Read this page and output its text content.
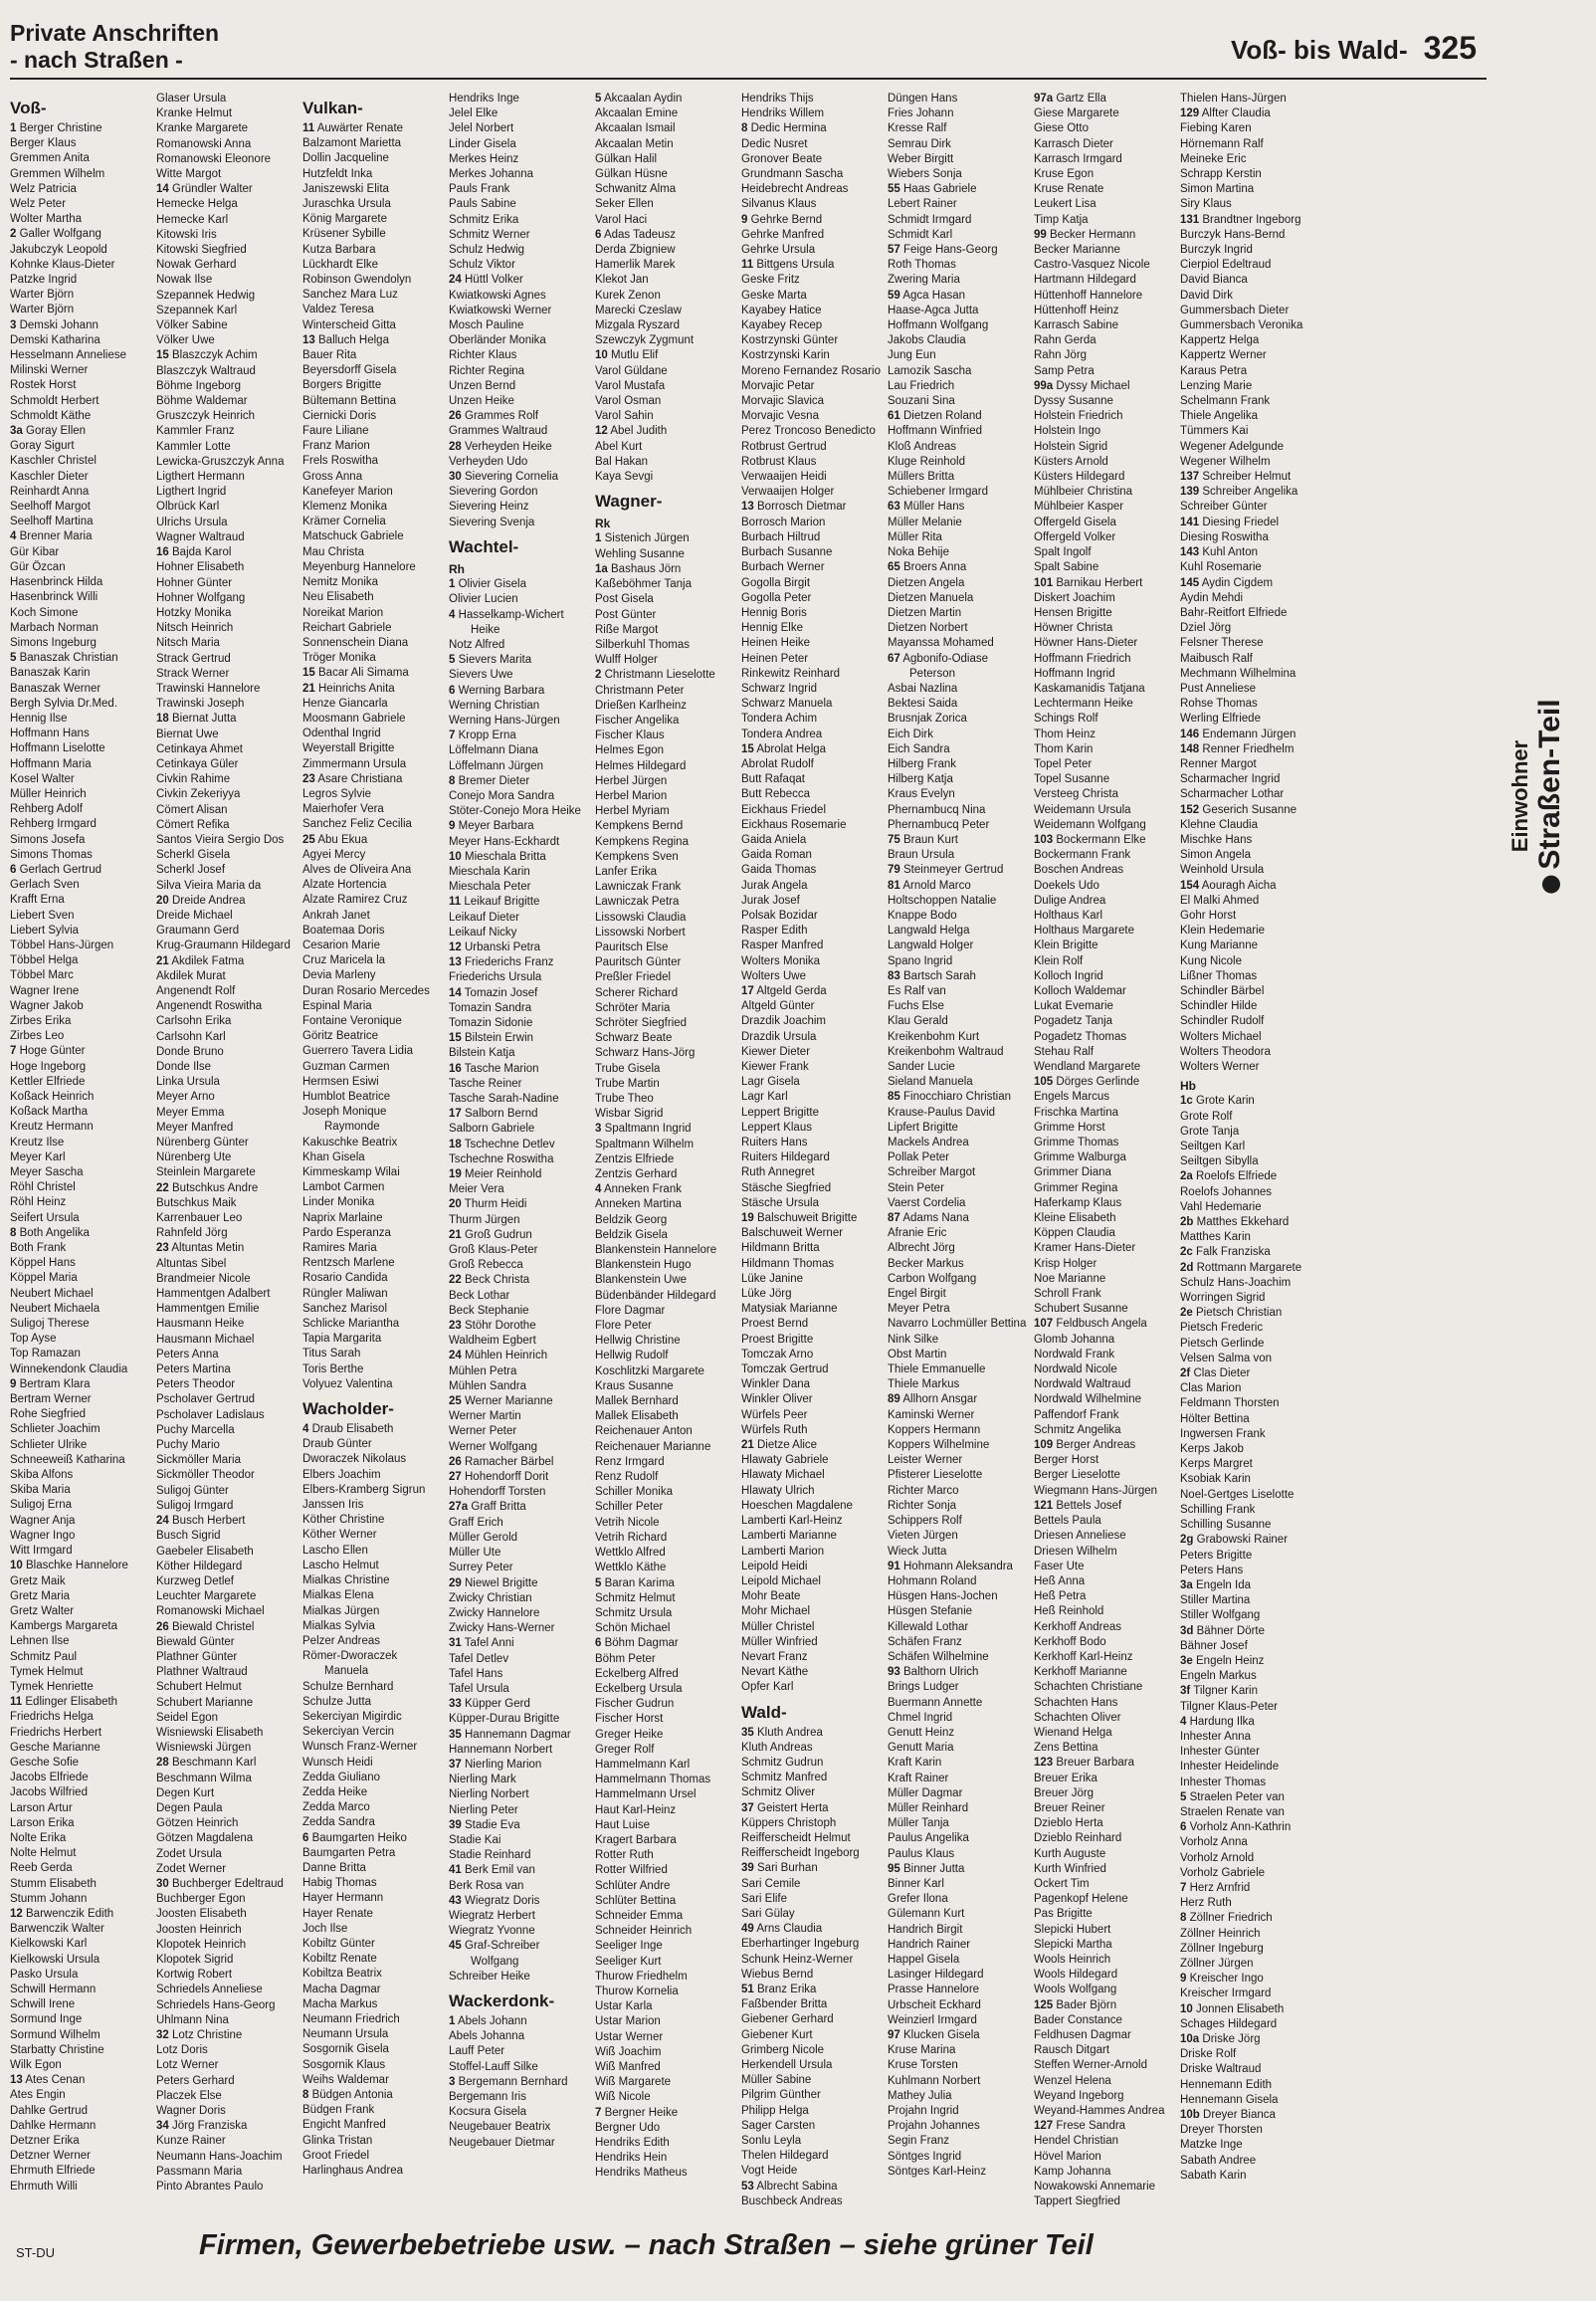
Private Anschriften
- nach Straßen -	Voß- bis Wald- 325
Voß-
1 Berger Christine
Berger Klaus
Gremmen Anita
Gremmen Wilhelm
Welz Patricia
Welz Peter
Wolter Martha
2 Galler Wolfgang
Jakubczyk Leopold
Kohnke Klaus-Dieter
Patzke Ingrid
Warter Björn
Warter Björn
3 Demski Johann
Demski Katharina
Hesselmann Anneliese
Milinski Werner
Rostek Horst
Schmoldt Herbert
Schmoldt Käthe
3a Goray Ellen
Goray Sigurt
Kaschler Christel
Kaschler Dieter
Reinhardt Anna
Seelhoff Margot
Seelhoff Martina
4 Brenner Maria
Gür Kibar
Gür Özcan
Hasenbrinck Hilda
Hasenbrinck Willi
Koch Simone
Marbach Norman
Simons Ingeburg
5 Banaszak Christian
Banaszak Karin
Banaszak Werner
Bergh Sylvia Dr.Med.
Hennig Ilse
Hoffmann Hans
Hoffmann Liselotte
Hoffmann Maria
Kosel Walter
Müller Heinrich
Rehberg Adolf
Rehberg Irmgard
Simons Josefa
Simons Thomas
6 Gerlach Gertrud
Gerlach Sven
Krafft Erna
Liebert Sven
Liebert Sylvia
Többel Hans-Jürgen
Többel Helga
Többel Marc
Wagner Irene
Wagner Jakob
Zirbes Erika
Zirbes Leo
7 Hoge Günter
Hoge Ingeborg
Kettler Elfriede
Koßack Heinrich
Koßack Martha
Kreutz Hermann
Kreutz Ilse
Meyer Karl
Meyer Sascha
Röhl Christel
Röhl Heinz
Seifert Ursula
8 Both Angelika
Both Frank
Köppel Hans
Köppel Maria
Neubert Michael
Neubert Michaela
Suligoj Therese
Top Ayse
Top Ramazan
Winnekendonk Claudia
9 Bertram Klara
Bertram Werner
Rohe Siegfried
Schlieter Joachim
Schlieter Ulrike
Schneeweiß Katharina
Skiba Alfons
Skiba Maria
Suligoj Erna
Wagner Anja
Wagner Ingo
Witt Irmgard
10 Blaschke Hannelore
Gretz Maik
Gretz Maria
Gretz Walter
Kambergs Margareta
Lehnen Ilse
Schmitz Paul
Tymek Helmut
Tymek Henriette
11 Edlinger Elisabeth
Friedrichs Helga
Friedrichs Herbert
Gesche Marianne
Gesche Sofie
Jacobs Elfriede
Jacobs Wilfried
Larson Artur
Larson Erika
Nolte Erika
Nolte Helmut
Reeb Gerda
Stumm Elisabeth
Stumm Johann
12 Barwenczik Edith
Barwenczik Walter
Kielkowski Karl
Kielkowski Ursula
Pasko Ursula
Schwill Hermann
Schwill Irene
Sormund Inge
Sormund Wilhelm
Starbatty Christine
Wilk Egon
13 Ates Cenan
Ates Engin
Dahlke Gertrud
Dahlke Hermann
Detzner Erika
Detzner Werner
Ehrmuth Elfriede
Ehrmuth Willi
Glaser Ursula
Kranke Helmut
Kranke Margarete
Romanowski Anna
Romanowski Eleonore
Witte Margot
14 Gründler Walter
Hemecke Helga
Hemecke Karl
Kitowski Iris
Kitowski Siegfried
Nowak Gerhard
Nowak Ilse
Szepannek Hedwig
Szepannek Karl
Völker Sabine
Völker Uwe
15 Blaszczyk Achim
Blaszczyk Waltraud
Böhme Ingeborg
Böhme Waldemar
Gruszczyk Heinrich
Kammler Franz
Kammler Lotte
Lewicka-Gruszczyk Anna
Ligthert Hermann
Ligthert Ingrid
Olbrück Karl
Ulrichs Ursula
Wagner Waltraud
16 Bajda Karol
Hohner Elisabeth
Hohner Günter
Hohner Wolfgang
Hotzky Monika
Nitsch Heinrich
Nitsch Maria
Strack Gertrud
Strack Werner
Trawinski Hannelore
Trawinski Joseph
18 Biernat Jutta
Biernat Uwe
Cetinkaya Ahmet
Cetinkaya Güler
Civkin Rahime
Civkin Zekeriyya
Cömert Alisan
Cömert Refika
Santos Vieira Sergio Dos
Scherkl Gisela
Scherkl Josef
Silva Vieira Maria da
20 Dreide Andrea
Dreide Michael
Graumann Gerd
Krug-Graumann Hildegard
21 Akdilek Fatma
Akdilek Murat
Angenendt Rolf
Angenendt Roswitha
Carlsohn Erika
Carlsohn Karl
Donde Bruno
Donde Ilse
Linka Ursula
Meyer Arno
Meyer Emma
Meyer Manfred
Nürenberg Günter
Nürenberg Ute
Steinlein Margarete
22 Butschkus Andre
Butschkus Maik
Karrenbauer Leo
Rahnfeld Jörg
23 Altuntas Metin
Altuntas Sibel
Brandmeier Nicole
Hammentgen Adalbert
Hammentgen Emilie
Hausmann Heike
Hausmann Michael
Peters Anna
Peters Martina
Peters Theodor
Pscholaver Gertrud
Pscholaver Ladislaus
Puchy Marcella
Puchy Mario
Sickmöller Maria
Sickmöller Theodor
Suligoj Günter
Suligoj Irmgard
24 Busch Herbert
Busch Sigrid
Gaebeler Elisabeth
Köther Hildegard
Kurzweg Detlef
Leuchter Margarete
Romanowski Michael
26 Biewald Christel
Biewald Günter
Plathner Günter
Plathner Waltraud
Schubert Helmut
Schubert Marianne
Seidel Egon
Wisniewski Elisabeth
Wisniewski Jürgen
28 Beschmann Karl
Beschmann Wilma
Degen Kurt
Degen Paula
Götzen Heinrich
Götzen Magdalena
Zodet Ursula
Zodet Werner
30 Buchberger Edeltraud
Buchberger Egon
Joosten Elisabeth
Joosten Heinrich
Klopotek Heinrich
Klopotek Sigrid
Kortwig Robert
Schriedels Anneliese
Schriedels Hans-Georg
Uhlmann Nina
32 Lotz Christine
Lotz Doris
Lotz Werner
Peters Gerhard
Placzek Else
Wagner Doris
34 Jörg Franziska
Kunze Rainer
Neumann Hans-Joachim
Passmann Maria
Pinto Abrantes Paulo
Vulkan-
11 Auwärter Renate
Balzamont Marietta
Dollin Jacqueline
Hutzfeldt Inka
Janiszewski Elita
Juraschka Ursula
König Margarete
Krüsener Sybille
Kutza Barbara
Lückhardt Elke
Robinson Gwendolyn
Sanchez Mara Luz
Valdez Teresa
Winterscheid Gitta
13 Balluch Helga
Bauer Rita
Beyersdorff Gisela
Borgers Brigitte
Bültemann Bettina
Ciernicki Doris
Faure Liliane
Franz Marion
Frels Roswitha
Gross Anna
Kanefeyer Marion
Klemenz Monika
Krämer Cornelia
Matschuck Gabriele
Mau Christa
Meyenburg Hannelore
Nemitz Monika
Neu Elisabeth
Noreikat Marion
Reichart Gabriele
Sonnenschein Diana
Tröger Monika
15 Bacar Ali Simama
21 Heinrichs Anita
Henze Giancarla
Moosmann Gabriele
Odenthal Ingrid
Weyerstall Brigitte
Zimmermann Ursula
23 Asare Christiana
Legros Sylvie
Maierhofer Vera
Sanchez Feliz Cecilia
25 Abu Ekua
Agyei Mercy
Alves de Oliveira Ana
Alzate Hortencia
Alzate Ramirez Cruz
Ankrah Janet
Boatemaa Doris
Cesarion Marie
Cruz Maricela la
Devia Marleny
Duran Rosario Mercedes
Espinal Maria
Fontaine Veronique
Göritz Beatrice
Guerrero Tavera Lidia
Guzman Carmen
Hermsen Esiwi
Humblot Beatrice
Joseph Monique
Raymonde
Kakuschke Beatrix
Khan Gisela
Kimmeskamp Wilai
Lambot Carmen
Linder Monika
Naprix Marlaine
Pardo Esperanza
Ramires Maria
Rentzsch Marlene
Rosario Candida
Rüngler Maliwan
Sanchez Marisol
Schlicke Mariantha
Tapia Margarita
Titus Sarah
Toris Berthe
Volyuez Valentina
Wacholder-
4 Draub Elisabeth
Draub Günter
Dworaczek Nikolaus
Elbers Joachim
Elbers-Kramberg Sigrun
Janssen Iris
Köther Christine
Köther Werner
Lascho Ellen
Lascho Helmut
Mialkas Christine
Mialkas Elena
Mialkas Jürgen
Mialkas Sylvia
Pelzer Andreas
Römer-Dworaczek
Manuela
Schulze Bernhard
Schulze Jutta
Sekerciyan Migirdic
Sekerciyan Vercin
Wunsch Franz-Werner
Wunsch Heidi
Zedda Giuliano
Zedda Heike
Zedda Marco
Zedda Sandra
6 Baumgarten Heiko
Baumgarten Petra
Danne Britta
Habig Thomas
Hayer Hermann
Hayer Renate
Joch Ilse
Kobiltz Günter
Kobiltz Renate
Kobiltza Beatrix
Macha Dagmar
Macha Markus
Neumann Friedrich
Neumann Ursula
Sosgornik Gisela
Sosgornik Klaus
Weihs Waldemar
8 Büdgen Antonia
Büdgen Frank
Engicht Manfred
Glinka Tristan
Groot Friedel
Harlinghaus Andrea
Hendriks Inge
Jelel Elke
Jelel Norbert
Linder Gisela
Merkes Heinz
Merkes Johanna
Pauls Frank
Pauls Sabine
Schmitz Erika
Schmitz Werner
Schulz Hedwig
Schulz Viktor
24 Hüttl Volker
Kwiatkowski Agnes
Kwiatkowski Werner
Mosch Pauline
Oberländer Monika
Richter Klaus
Richter Regina
Unzen Bernd
Unzen Heike
26 Grammes Rolf
Grammes Waltraud
28 Verheyden Heike
Verheyden Udo
30 Sievering Cornelia
Sievering Gordon
Sievering Heinz
Sievering Svenja
Wachtel-
Rh
1 Olivier Gisela
Olivier Lucien
4 Hasselkamp-Wichert
Heike
Notz Alfred
5 Sievers Marita
Sievers Uwe
6 Werning Barbara
Werning Christian
Werning Hans-Jürgen
7 Kropp Erna
Löffelmann Diana
Löffelmann Jürgen
8 Bremer Dieter
Conejo Mora Sandra
Stöter-Conejo Mora Heike
9 Meyer Barbara
Meyer Hans-Eckhardt
10 Mieschala Britta
Mieschala Karin
Mieschala Peter
11 Leikauf Brigitte
Leikauf Dieter
Leikauf Nicky
12 Urbanski Petra
13 Friederichs Franz
Friederichs Ursula
14 Tomazin Josef
Tomazin Sandra
Tomazin Sidonie
15 Bilstein Erwin
Bilstein Katja
16 Tasche Marion
Tasche Reiner
Tasche Sarah-Nadine
17 Salborn Bernd
Salborn Gabriele
18 Tschechne Detlev
Tschechne Roswitha
19 Meier Reinhold
Meier Vera
20 Thurm Heidi
Thurm Jürgen
21 Groß Gudrun
Groß Klaus-Peter
Groß Rebecca
22 Beck Christa
Beck Lothar
Beck Stephanie
23 Stöhr Dorothe
Waldheim Egbert
24 Mühlen Heinrich
Mühlen Petra
Mühlen Sandra
25 Werner Marianne
Werner Martin
Werner Peter
Werner Wolfgang
26 Ramacher Bärbel
27 Hohendorff Dorit
Hohendorff Torsten
27a Graff Britta
Graff Erich
Müller Gerold
Müller Ute
Surrey Peter
29 Niewel Brigitte
Zwicky Christian
Zwicky Hannelore
Zwicky Hans-Werner
31 Tafel Anni
Tafel Detlev
Tafel Hans
Tafel Ursula
33 Küpper Gerd
Küpper-Durau Brigitte
35 Hannemann Dagmar
Hannemann Norbert
37 Nierling Marion
Nierling Mark
Nierling Norbert
Nierling Peter
39 Stadie Eva
Stadie Kai
Stadie Reinhard
41 Berk Emil van
Berk Rosa van
43 Wiegratz Doris
Wiegratz Herbert
Wiegratz Yvonne
45 Graf-Schreiber
Wolfgang
Schreiber Heike
Wackerdonk-
1 Abels Johann
Abels Johanna
Lauff Peter
Stoffel-Lauff Silke
3 Bergemann Bernhard
Bergemann Iris
Kocsura Gisela
Neugebauer Beatrix
Neugebauer Dietmar
5 Akcaalan Aydin
Akcaalan Emine
Akcaalan Ismail
Akcaalan Metin
Gülkan Halil
Gülkan Hüsne
Schwanitz Alma
Seker Ellen
Varol Haci
6 Adas Tadeusz
Derda Zbigniew
Hamerlik Marek
Klekot Jan
Kurek Zenon
Marecki Czeslaw
Mizgala Ryszard
Szewczyk Zygmunt
10 Mutlu Elif
Varol Güldane
Varol Mustafa
Varol Osman
Varol Sahin
12 Abel Judith
Abel Kurt
Bal Hakan
Kaya Sevgi
Wagner-
Rk
1 Sistenich Jürgen
Wehling Susanne
1a Bashaus Jörn
Kaßeböhmer Tanja
Post Gisela
Post Günter
Riße Margot
Silberkuhl Thomas
Wulff Holger
2 Christmann Lieselotte
Christmann Peter
Drießen Karlheinz
Fischer Angelika
Fischer Klaus
Helmes Egon
Helmes Hildegard
Herbel Jürgen
Herbel Marion
Herbel Myriam
Kempkens Bernd
Kempkens Regina
Kempkens Sven
Lanfer Erika
Lawniczak Frank
Lawniczak Petra
Lissowski Claudia
Lissowski Norbert
Pauritsch Else
Pauritsch Günter
Preßler Friedel
Scherer Richard
Schröter Maria
Schröter Siegfried
Schwarz Beate
Schwarz Hans-Jörg
Trube Gisela
Trube Martin
Trube Theo
Wisbar Sigrid
3 Spaltmann Ingrid
Spaltmann Wilhelm
Zentzis Elfriede
Zentzis Gerhard
4 Anneken Frank
Anneken Martina
Beldzik Georg
Beldzik Gisela
Blankenstein Hannelore
Blankenstein Hugo
Blankenstein Uwe
Büdenbänder Hildegard
Flore Dagmar
Flore Peter
Hellwig Christine
Hellwig Rudolf
Koschlitzki Margarete
Kraus Susanne
Mallek Bernhard
Mallek Elisabeth
Reichenauer Anton
Reichenauer Marianne
Renz Irmgard
Renz Rudolf
Schiller Monika
Schiller Peter
Vetrih Nicole
Vetrih Richard
Wettklo Alfred
Wettklo Käthe
5 Baran Karima
Schmitz Helmut
Schmitz Ursula
Schön Michael
6 Böhm Dagmar
Böhm Peter
Eckelberg Alfred
Eckelberg Ursula
Fischer Gudrun
Fischer Horst
Greger Heike
Greger Rolf
Hammelmann Karl
Hammelmann Thomas
Hammelmann Ursel
Haut Karl-Heinz
Haut Luise
Kragert Barbara
Rotter Ruth
Rotter Wilfried
Schlüter Andre
Schlüter Bettina
Schneider Emma
Schneider Heinrich
Seeliger Inge
Seeliger Kurt
Thurow Friedhelm
Thurow Kornelia
Ustar Karla
Ustar Marion
Ustar Werner
Wiß Joachim
Wiß Manfred
Wiß Margarete
Wiß Nicole
7 Bergner Heike
Bergner Udo
Hendriks Edith
Hendriks Hein
Hendriks Matheus
Hendriks Thijs
Hendriks Willem
8 Dedic Hermina
Dedic Nusret
Gronover Beate
Grundmann Sascha
Heidebrecht Andreas
Silvanus Klaus
9 Gehrke Bernd
Gehrke Manfred
Gehrke Ursula
11 Bittgens Ursula
Geske Fritz
Geske Marta
Kayabey Hatice
Kayabey Recep
Kostrzynski Günter
Kostrzynski Karin
Moreno Fernandez Rosario
Morvajic Petar
Morvajic Slavica
Morvajic Vesna
Perez Troncoso Benedicto
Rotbrust Gertrud
Rotbrust Klaus
Verwaaijen Heidi
Verwaaijen Holger
13 Borrosch Dietmar
Borrosch Marion
Burbach Hiltrud
Burbach Susanne
Burbach Werner
Gogolla Birgit
Gogolla Peter
Hennig Boris
Hennig Elke
Heinen Heike
Heinen Peter
Rinkewitz Reinhard
Schwarz Ingrid
Schwarz Manuela
Tondera Achim
Tondera Andrea
15 Abrolat Helga
Abrolat Rudolf
Butt Rafaqat
Butt Rebecca
Eickhaus Friedel
Eickhaus Rosemarie
Gaida Aniela
Gaida Roman
Gaida Thomas
Jurak Angela
Jurak Josef
Polsak Bozidar
Rasper Edith
Rasper Manfred
Wolters Monika
Wolters Uwe
17 Altgeld Gerda
Altgeld Günter
Drazdik Joachim
Drazdik Ursula
Kiewer Dieter
Kiewer Frank
Lagr Gisela
Lagr Karl
Leppert Brigitte
Leppert Klaus
Ruiters Hans
Ruiters Hildegard
Ruth Annegret
Stäsche Siegfried
Stäsche Ursula
19 Balschuweit Brigitte
Balschuweit Werner
Hildmann Britta
Hildmann Thomas
Lüke Janine
Lüke Jörg
Matysiak Marianne
Proest Bernd
Proest Brigitte
Tomczak Arno
Tomczak Gertrud
Winkler Dana
Winkler Oliver
Würfels Peer
Würfels Ruth
21 Dietze Alice
Hlawaty Gabriele
Hlawaty Michael
Hlawaty Ulrich
Hoeschen Magdalene
Lamberti Karl-Heinz
Lamberti Marianne
Lamberti Marion
Leipold Heidi
Leipold Michael
Mohr Beate
Mohr Michael
Müller Christel
Müller Winfried
Nevart Franz
Nevart Käthe
Opfer Karl
Wald-
35 Kluth Andrea
Kluth Andreas
Schmitz Gudrun
Schmitz Manfred
Schmitz Oliver
37 Geistert Herta
Küppers Christoph
Reifferscheidt Helmut
Reifferscheidt Ingeborg
39 Sari Burhan
Sari Cemile
Sari Elife
Sari Gülay
49 Arns Claudia
Eberhartinger Ingeburg
Schunk Heinz-Werner
Wiebus Bernd
51 Branz Erika
Faßbender Britta
Giebener Gerhard
Giebener Kurt
Grimberg Nicole
Herkendell Ursula
Müller Sabine
Pilgrim Günther
Philipp Helga
Sager Carsten
Sonlu Leyla
Thelen Hildegard
Vogt Heide
53 Albrecht Sabina
Buschbeck Andreas
Düngen Hans
Fries Johann
Kresse Ralf
Semrau Dirk
Weber Birgitt
Wiebers Sonja
55 Haas Gabriele
Lebert Rainer
Schmidt Irmgard
Schmidt Karl
57 Feige Hans-Georg
Roth Thomas
Zwering Maria
59 Agca Hasan
Haase-Agca Jutta
Hoffmann Wolfgang
Jakobs Claudia
Jung Eun
Lamozik Sascha
Lau Friedrich
Souzani Sina
61 Dietzen Roland
Hoffmann Winfried
Kloß Andreas
Kluge Reinhold
Müllers Britta
Schiebener Irmgard
63 Müller Hans
Müller Melanie
Müller Rita
Noka Behije
65 Broers Anna
Dietzen Angela
Dietzen Manuela
Dietzen Martin
Dietzen Norbert
Mayanssa Mohamed
67 Agbonifo-Odiase
Peterson
Asbai Nazlina
Bektesi Saida
Brusnjak Zorica
Eich Dirk
Eich Sandra
Hilberg Frank
Hilberg Katja
Kraus Evelyn
Phernambucq Nina
Phernambucq Peter
75 Braun Kurt
Braun Ursula
79 Steinmeyer Gertrud
81 Arnold Marco
Holtschoppen Natalie
Knappe Bodo
Langwald Helga
Langwald Holger
Spano Ingrid
83 Bartsch Sarah
Es Ralf van
Fuchs Else
Klau Gerald
Kreikenbohm Kurt
Kreikenbohm Waltraud
Sander Lucie
Sieland Manuela
85 Finocchiaro Christian
Krause-Paulus David
Lipfert Brigitte
Mackels Andrea
Pollak Peter
Schreiber Margot
Stein Peter
Vaerst Cordelia
87 Adams Nana
Afranie Eric
Albrecht Jörg
Becker Markus
Carbon Wolfgang
Engel Birgit
Meyer Petra
Navarro Lochmüller Bettina
Nink Silke
Obst Martin
Thiele Emmanuelle
Thiele Markus
89 Allhorn Ansgar
Kaminski Werner
Koppers Hermann
Koppers Wilhelmine
Leister Werner
Pfisterer Lieselotte
Richter Marco
Richter Sonja
Schippers Rolf
Vieten Jürgen
Wieck Jutta
91 Hohmann Aleksandra
Hohmann Roland
Hüsgen Hans-Jochen
Hüsgen Stefanie
Killewald Lothar
Schäfen Franz
Schäfen Wilhelmine
93 Balthorn Ulrich
Brings Ludger
Buermann Annette
Chmel Ingrid
Genutt Heinz
Genutt Maria
Kraft Karin
Kraft Rainer
Müller Dagmar
Müller Reinhard
Müller Tanja
Paulus Angelika
Paulus Klaus
95 Binner Jutta
Binner Karl
Grefer Ilona
Gülemann Kurt
Handrich Birgit
Handrich Rainer
Happel Gisela
Lasinger Hildegard
Prasse Hannelore
Urbscheit Eckhard
Weinzierl Irmgard
97 Klucken Gisela
Kruse Marina
Kruse Torsten
Kuhlmann Norbert
Mathey Julia
Projahn Ingrid
Projahn Johannes
Segin Franz
Söntges Ingrid
Söntges Karl-Heinz
97a Gartz Ella
Giese Margarete
Giese Otto
Karrasch Dieter
Karrasch Irmgard
Kruse Egon
Kruse Renate
Leukert Lisa
Timp Katja
99 Becker Hermann
Becker Marianne
Castro-Vasquez Nicole
Hartmann Hildegard
Hüttenhoff Hannelore
Hüttenhoff Heinz
Karrasch Sabine
Rahn Gerda
Rahn Jörg
Samp Petra
99a Dyssy Michael
Dyssy Susanne
Holstein Friedrich
Holstein Ingo
Holstein Sigrid
Küsters Arnold
Küsters Hildegard
Mühlbeier Christina
Mühlbeier Kasper
Offergeld Gisela
Offergeld Volker
Spalt Ingolf
Spalt Sabine
101 Barnikau Herbert
Diskert Joachim
Hensen Brigitte
Höwner Christa
Höwner Hans-Dieter
Hoffmann Friedrich
Hoffmann Ingrid
Kaskamanidis Tatjana
Lechtermann Heike
Schings Rolf
Thom Heinz
Thom Karin
Topel Peter
Topel Susanne
Versteeg Christa
Weidemann Ursula
Weidemann Wolfgang
103 Bockermann Elke
Bockermann Frank
Boschen Andreas
Doekels Udo
Dulige Andrea
Holthaus Karl
Holthaus Margarete
Klein Brigitte
Klein Rolf
Kolloch Ingrid
Kolloch Waldemar
Lukat Evemarie
Pogadetz Tanja
Pogadetz Thomas
Stehau Ralf
Wendland Margarete
105 Dörges Gerlinde
Engels Marcus
Frischka Martina
Grimme Horst
Grimme Thomas
Grimme Walburga
Grimmer Diana
Grimmer Regina
Haferkamp Klaus
Kleine Elisabeth
Köppen Claudia
Kramer Hans-Dieter
Krisp Holger
Noe Marianne
Schroll Frank
Schubert Susanne
107 Feldbusch Angela
Glomb Johanna
Nordwald Frank
Nordwald Nicole
Nordwald Waltraud
Nordwald Wilhelmine
Paffendorf Frank
Schmitz Angelika
109 Berger Andreas
Berger Horst
Berger Lieselotte
Wiegmann Hans-Jürgen
121 Bettels Josef
Bettels Paula
Driesen Anneliese
Driesen Wilhelm
Faser Ute
Heß Anna
Heß Petra
Heß Reinhold
Kerkhoff Andreas
Kerkhoff Bodo
Kerkhoff Karl-Heinz
Kerkhoff Marianne
Schachten Christiane
Schachten Hans
Schachten Oliver
Wienand Helga
Zens Bettina
123 Breuer Barbara
Breuer Erika
Breuer Jörg
Breuer Reiner
Dzieblo Herta
Dzieblo Reinhard
Kurth Auguste
Kurth Winfried
Ockert Tim
Pagenkopf Helene
Pas Brigitte
Slepicki Hubert
Slepicki Martha
Wools Heinrich
Wools Hildegard
Wools Wolfgang
125 Bader Björn
Bader Constance
Feldhusen Dagmar
Rausch Ditgart
Steffen Werner-Arnold
Wenzel Helena
Weyand Ingeborg
Weyand-Hammes Andrea
127 Frese Sandra
Hendel Christian
Hövel Marion
Kamp Johanna
Nowakowski Annemarie
Tappert Siegfried
Thielen Hans-Jürgen
129 Alfter Claudia
Fiebing Karen
Hörnemann Ralf
Meineke Eric
Schrapp Kerstin
Simon Martina
Siry Klaus
131 Brandtner Ingeborg
Burczyk Hans-Bernd
Burczyk Ingrid
Cierpiol Edeltraud
David Bianca
David Dirk
Gummersbach Dieter
Gummersbach Veronika
Kappertz Helga
Kappertz Werner
Karaus Petra
Lenzing Marie
Schelmann Frank
Thiele Angelika
Tümmers Kai
Wegener Adelgunde
Wegener Wilhelm
137 Schreiber Helmut
139 Schreiber Angelika
Schreiber Günter
141 Diesing Friedel
Diesing Roswitha
143 Kuhl Anton
Kuhl Rosemarie
145 Aydin Cigdem
Aydin Mehdi
Bahr-Reitfort Elfriede
Dziel Jörg
Felsner Therese
Maibusch Ralf
Mechmann Wilhelmina
Pust Anneliese
Rohse Thomas
Werling Elfriede
146 Endemann Jürgen
148 Renner Friedhelm
Renner Margot
Scharmacher Ingrid
Scharmacher Lothar
152 Geserich Susanne
Klehne Claudia
Mischke Hans
Simon Angela
Weinhold Ursula
154 Aouragh Aicha
El Malki Ahmed
Gohr Horst
Klein Hedemarie
Kung Marianne
Kung Nicole
Lißner Thomas
Schindler Bärbel
Schindler Hilde
Schindler Rudolf
Wolters Michael
Wolters Theodora
Wolters Werner
Hb
1c Grote Karin
Grote Rolf
Grote Tanja
Seiltgen Karl
Seiltgen Sibylla
2a Roelofs Elfriede
Roelofs Johannes
Vahl Hedemarie
2b Matthes Ekkehard
Matthes Karin
2c Falk Franziska
2d Rottmann Margarete
Schulz Hans-Joachim
Worringen Sigrid
2e Pietsch Christian
Pietsch Frederic
Pietsch Gerlinde
Velsen Salma von
2f Clas Dieter
Clas Marion
Feldmann Thorsten
Hölter Bettina
Ingwersen Frank
Kerps Jakob
Kerps Margret
Ksobiak Karin
Noel-Gertges Liselotte
Schilling Frank
Schilling Susanne
2g Grabowski Rainer
Peters Brigitte
Peters Hans
3a Engeln Ida
Stiller Martina
Stiller Wolfgang
3d Bähner Dörte
Bähner Josef
3e Engeln Heinz
Engeln Markus
3f Tilgner Karin
Tilgner Klaus-Peter
4 Hardung Ilka
Inhester Anna
Inhester Günter
Inhester Heidelinde
Inhester Thomas
5 Straelen Peter van
Straelen Renate van
6 Vorholz Ann-Kathrin
Vorholz Anna
Vorholz Arnold
Vorholz Gabriele
7 Herz Arnfrid
Herz Ruth
8 Zöllner Friedrich
Zöllner Heinrich
Zöllner Ingeburg
Zöllner Jürgen
9 Kreischer Ingo
Kreischer Irmgard
10 Jonnen Elisabeth
Schages Hildegard
10a Driske Jörg
Driske Rolf
Driske Waltraud
Hennemann Edith
Hennemann Gisela
10b Dreyer Bianca
Dreyer Thorsten
Matzke Inge
Sabath Andree
Sabath Karin
Einwohner Straßen-Teil
ST-DU	Firmen, Gewerbebetriebe usw. – nach Straßen – siehe grüner Teil
